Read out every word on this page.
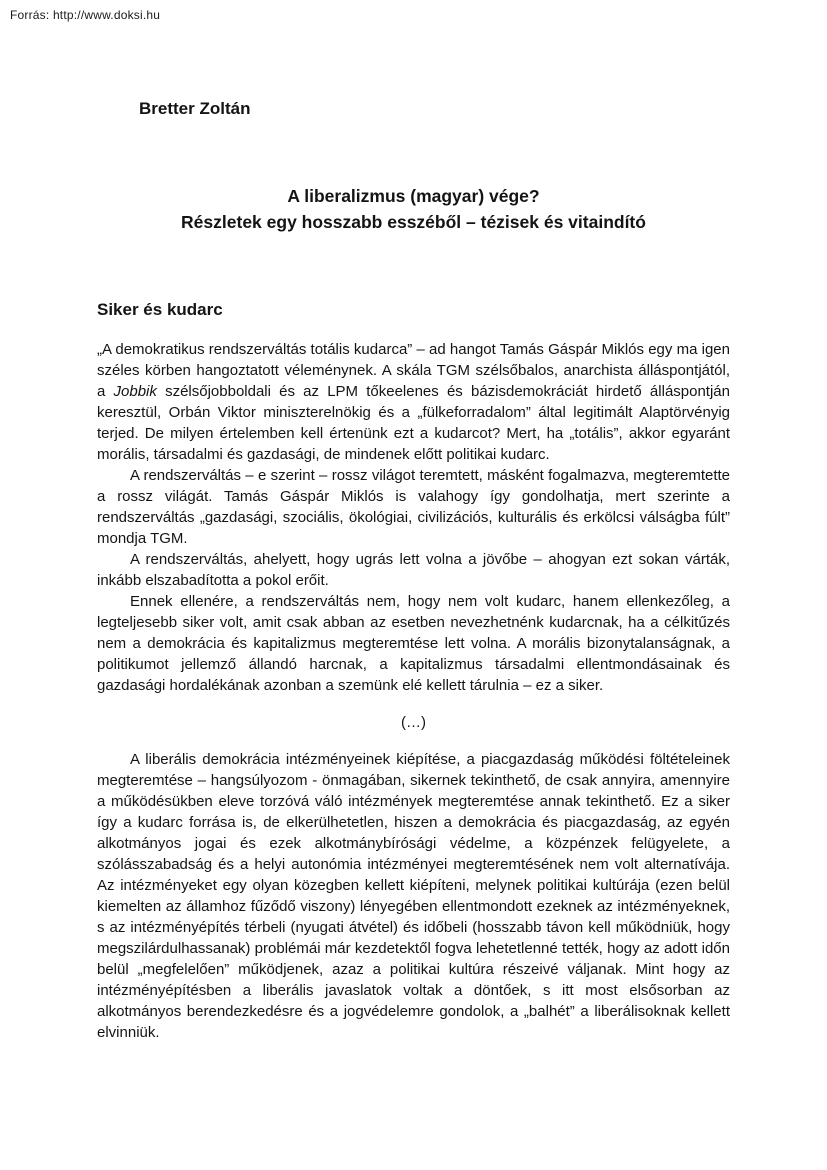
Forrás: http://www.doksi.hu
Bretter Zoltán
A liberalizmus (magyar) vége?
Részletek egy hosszabb esszéből – tézisek és vitaindító
Siker és kudarc

„A demokratikus rendszerváltás totális kudarca” – ad hangot Tamás Gáspár Miklós egy ma igen széles körben hangoztatott véleménynek. A skála TGM szélsőbalos, anarchista álláspontjától, a Jobbik szélsőjobboldali és az LPM tőkeelenes és bázisdemokráciát hirdető álláspontján keresztül, Orbán Viktor miniszterelnökig és a „fülkeforradalom” által legitimált Alaptörvényig terjed. De milyen értelemben kell értenünk ezt a kudarcot? Mert, ha „totális”, akkor egyaránt morális, társadalmi és gazdasági, de mindenek előtt politikai kudarc.

A rendszerváltás – e szerint – rossz világot teremtett, másként fogalmazva, megteremtette a rossz világát. Tamás Gáspár Miklós is valahogy így gondolhatja, mert szerinte a rendszerváltás „gazdasági, szociális, ökológiai, civilizációs, kulturális és erkölcsi válságba fúlt” mondja TGM.

A rendszerváltás, ahelyett, hogy ugrás lett volna a jövőbe – ahogyan ezt sokan várták, inkább elszabadította a pokol erőit.

Ennek ellenére, a rendszerváltás nem, hogy nem volt kudarc, hanem ellenkezőleg, a legteljesebb siker volt, amit csak abban az esetben nevezhetnénk kudarcnak, ha a célkitűzés nem a demokrácia és kapitalizmus megteremtése lett volna. A morális bizonytalanságnak, a politikumot jellemző állandó harcnak, a kapitalizmus társadalmi ellentmondásainak és gazdasági hordalékának azonban a szemünk elé kellett tárulnia – ez a siker.

(…)

A liberális demokrácia intézményeinek kiépítése, a piacgazdaság működési föltételeinek megteremtése – hangsúlyozom - önmagában, sikernek tekinthető, de csak annyira, amennyire a működésükben eleve torzóvá váló intézmények megteremtése annak tekinthető. Ez a siker így a kudarc forrása is, de elkerülhetetlen, hiszen a demokrácia és piacgazdaság, az egyén alkotmányos jogai és ezek alkotmánybírósági védelme, a közpénzek felügyelete, a szólásszabadság és a helyi autonómia intézményei megteremtésének nem volt alternatívája. Az intézményeket egy olyan közegben kellett kiépíteni, melynek politikai kultúrája (ezen belül kiemelten az államhoz fűződő viszony) lényegében ellentmondott ezeknek az intézményeknek, s az intézményépítés térbeli (nyugati átvétel) és időbeli (hosszabb távon kell működniük, hogy megszilárdulhassanak) problémái már kezdetektől fogva lehetetlenné tették, hogy az adott időn belül „megfelelően” működjenek, azaz a politikai kultúra részeivé váljanak. Mint hogy az intézményépítésben a liberális javaslatok voltak a döntőek, s itt most elsősorban az alkotmányos berendezkedésre és a jogvédelemre gondolok, a „balhét” a liberálisoknak kellett elvinniük.
